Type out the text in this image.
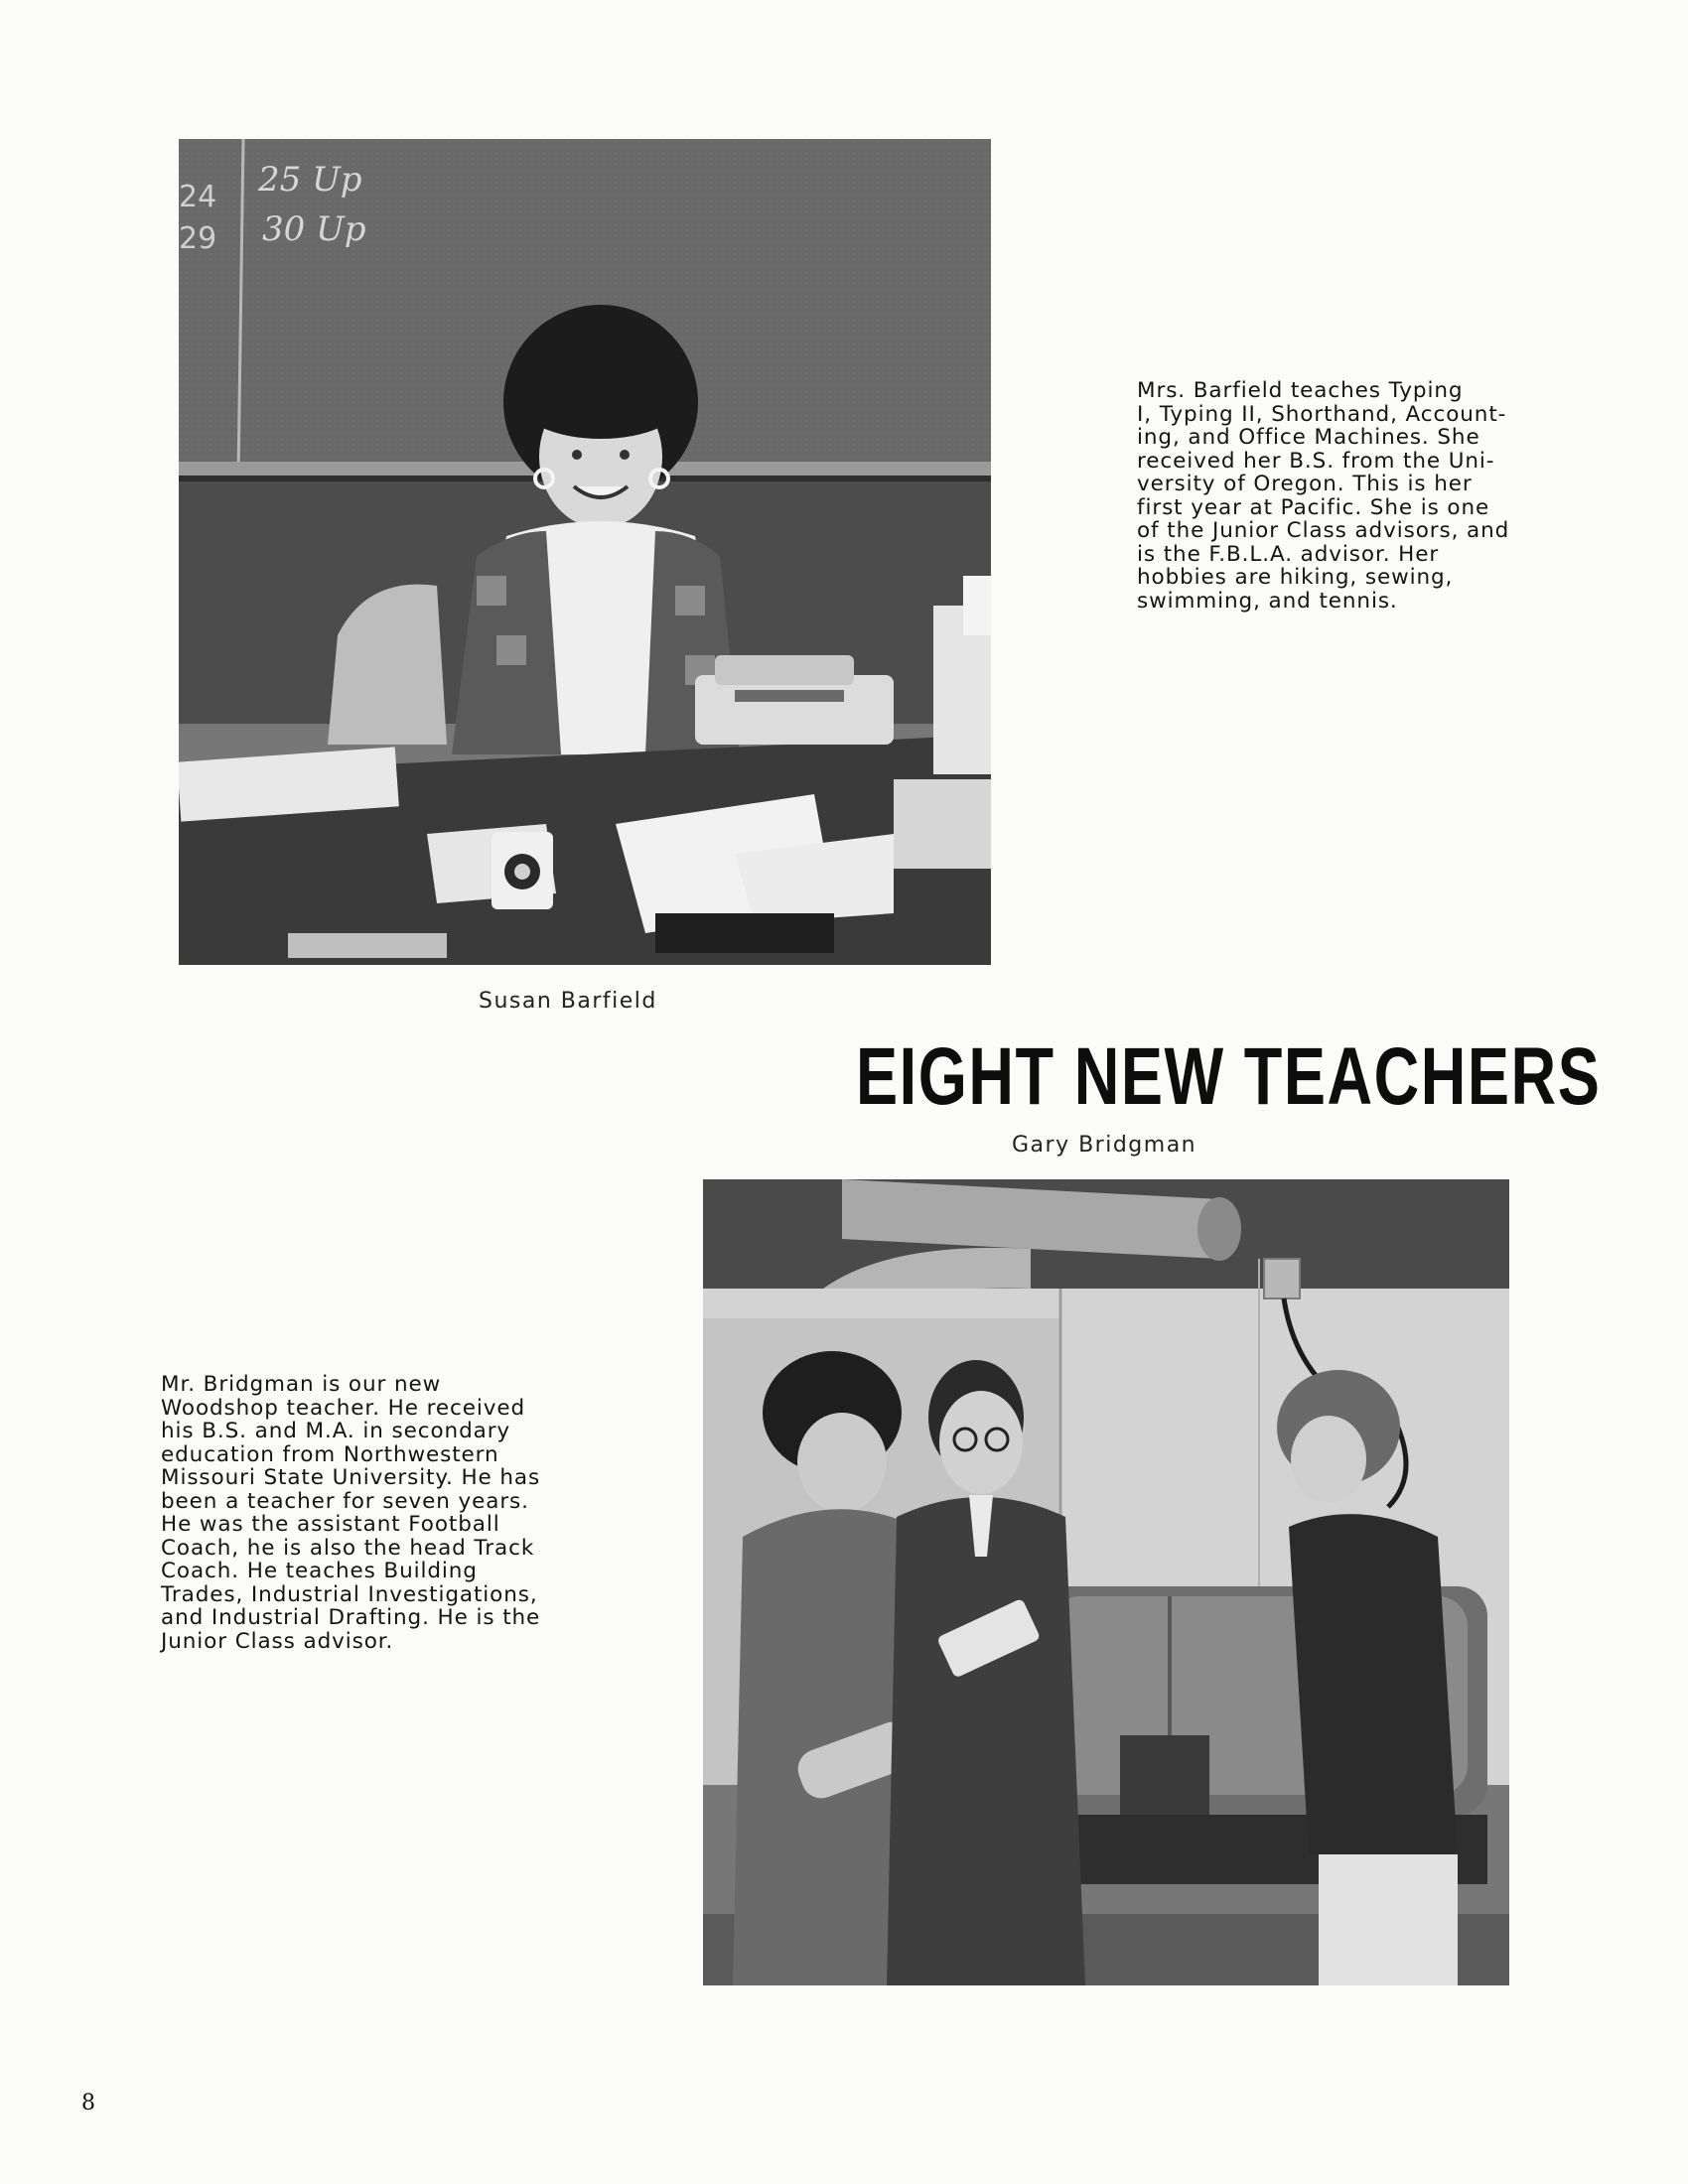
24 25 Up
29 30 Up
Mrs. Barfield teaches Typing
I, Typing II, Shorthand, Account-
ing, and Office Machines. She
received her B.S. from the Uni-
versity of Oregon. This is her
first year at Pacific. She is one
of the Junior Class advisors, and
is the F.B.L.A. advisor. Her
hobbies are hiking, sewing,
swimming, and tennis.
Susan Barfield
EIGHT NEW TEACHERS
Gary Bridgman
Mr. Bridgman is our new
Woodshop teacher. He received
his B.S. and M.A. in secondary
education from Northwestern
Missouri State University. He has
been a teacher for seven years.
He was the assistant Football
Coach, he is also the head Track
Coach. He teaches Building
Trades, Industrial Investigations,
and Industrial Drafting. He is the
Junior Class advisor.
8
